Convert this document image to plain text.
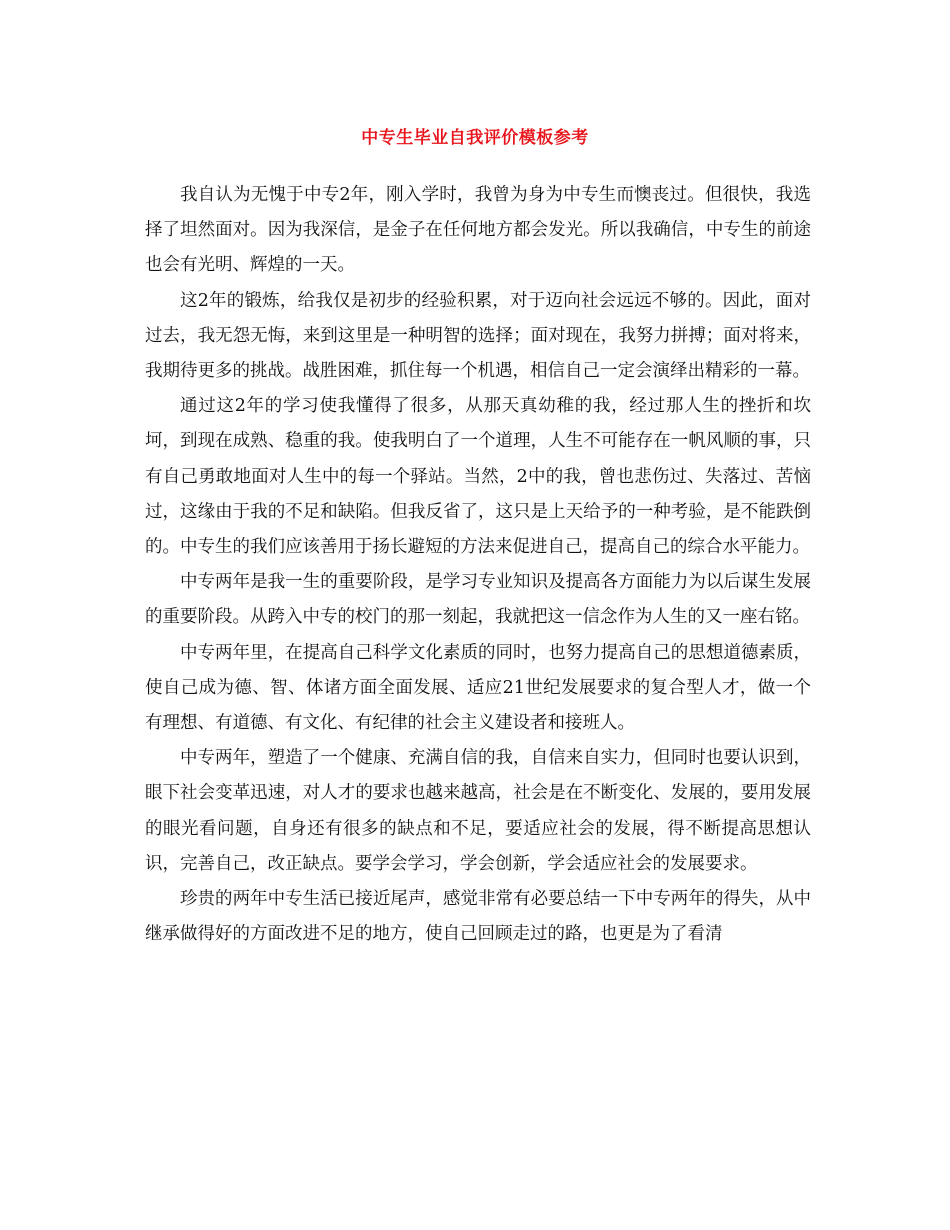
中专生毕业自我评价模板参考

我自认为无愧于中专2年，刚入学时，我曾为身为中专生而懊丧过。但很快，我选择了坦然面对。因为我深信，是金子在任何地方都会发光。所以我确信，中专生的前途也会有光明、辉煌的一天。

这2年的锻炼，给我仅是初步的经验积累，对于迈向社会远远不够的。因此，面对过去，我无怨无悔，来到这里是一种明智的选择；面对现在，我努力拼搏；面对将来，我期待更多的挑战。战胜困难，抓住每一个机遇，相信自己一定会演绎出精彩的一幕。

通过这2年的学习使我懂得了很多，从那天真幼稚的我，经过那人生的挫折和坎坷，到现在成熟、稳重的我。使我明白了一个道理，人生不可能存在一帆风顺的事，只有自己勇敢地面对人生中的每一个驿站。当然，2中的我，曾也悲伤过、失落过、苦恼过，这缘由于我的不足和缺陷。但我反省了，这只是上天给予的一种考验，是不能跌倒的。中专生的我们应该善用于扬长避短的方法来促进自己，提高自己的综合水平能力。

中专两年是我一生的重要阶段，是学习专业知识及提高各方面能力为以后谋生发展的重要阶段。从跨入中专的校门的那一刻起，我就把这一信念作为人生的又一座右铭。

中专两年里，在提高自己科学文化素质的同时，也努力提高自己的思想道德素质，使自己成为德、智、体诸方面全面发展、适应21世纪发展要求的复合型人才，做一个有理想、有道德、有文化、有纪律的社会主义建设者和接班人。

中专两年，塑造了一个健康、充满自信的我，自信来自实力，但同时也要认识到，眼下社会变革迅速，对人才的要求也越来越高，社会是在不断变化、发展的，要用发展的眼光看问题，自身还有很多的缺点和不足，要适应社会的发展，得不断提高思想认识，完善自己，改正缺点。要学会学习，学会创新，学会适应社会的发展要求。

珍贵的两年中专生活已接近尾声，感觉非常有必要总结一下中专两年的得失，从中继承做得好的方面改进不足的地方，使自己回顾走过的路，也更是为了看清
